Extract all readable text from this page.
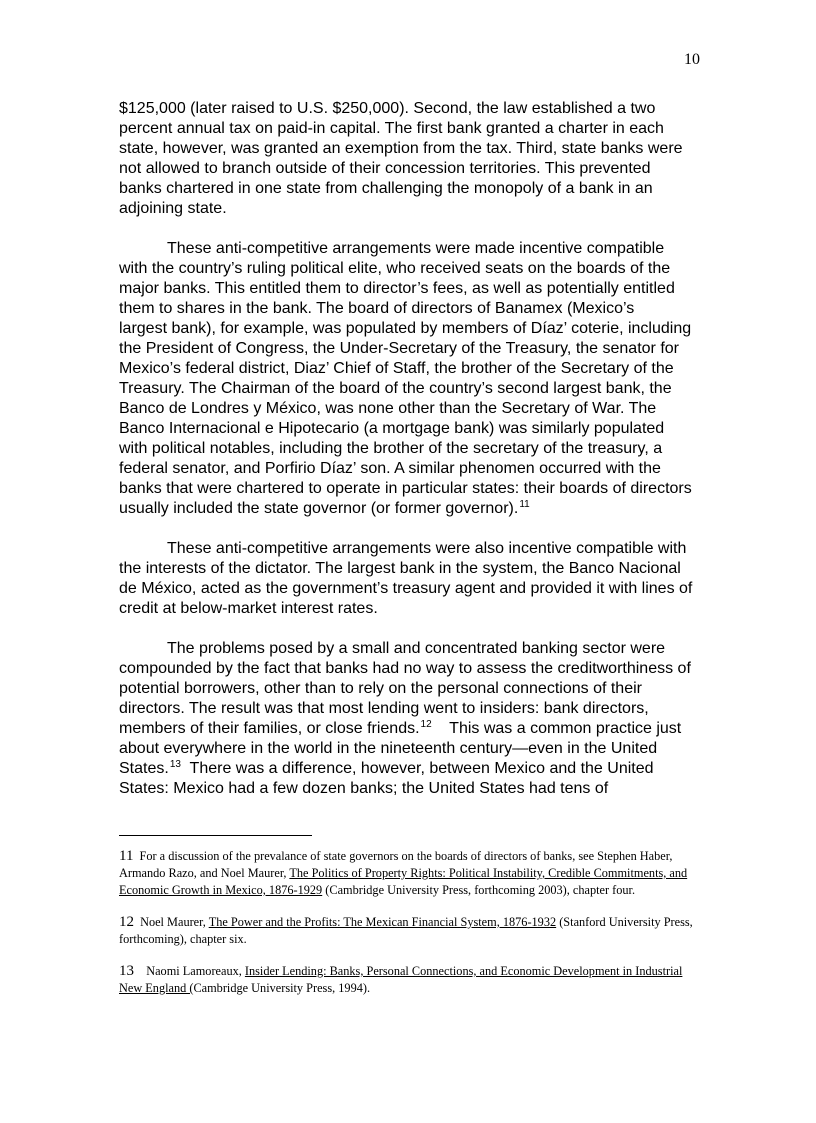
10

$125,000 (later raised to U.S. $250,000). Second, the law established a two
percent annual tax on paid-in capital. The first bank granted a charter in each
state, however, was granted an exemption from the tax. Third, state banks were
not allowed to branch outside of their concession territories. This prevented
banks chartered in one state from challenging the monopoly of a bank in an
adjoining state.

These anti-competitive arrangements were made incentive compatible
with the country’s ruling political elite, who received seats on the boards of the
major banks. This entitled them to director’s fees, as well as potentially entitled
them to shares in the bank. The board of directors of Banamex (Mexico’s
largest bank), for example, was populated by members of Díaz’ coterie, including
the President of Congress, the Under-Secretary of the Treasury, the senator for
Mexico’s federal district, Diaz’ Chief of Staff, the brother of the Secretary of the
Treasury. The Chairman of the board of the country’s second largest bank, the
Banco de Londres y México, was none other than the Secretary of War. The
Banco Internacional e Hipotecario (a mortgage bank) was similarly populated
with political notables, including the brother of the secretary of the treasury, a
federal senator, and Porfirio Díaz’ son. A similar phenomen occurred with the
banks that were chartered to operate in particular states: their boards of directors
usually included the state governor (or former governor).$^{11}$

These anti-competitive arrangements were also incentive compatible with
the interests of the dictator. The largest bank in the system, the Banco Nacional
de México, acted as the government’s treasury agent and provided it with lines of
credit at below-market interest rates.

The problems posed by a small and concentrated banking sector were
compounded by the fact that banks had no way to assess the creditworthiness of
potential borrowers, other than to rely on the personal connections of their
directors. The result was that most lending went to insiders: bank directors,
members of their families, or close friends.$^{12}$    This was a common practice just
about everywhere in the world in the nineteenth century—even in the United
States.$^{13}$  There was a difference, however, between Mexico and the United
States: Mexico had a few dozen banks; the United States had tens of

11 For a discussion of the prevalance of state governors on the boards of directors of banks, see Stephen Haber, Armando Razo, and Noel Maurer, The Politics of Property Rights: Political Instability, Credible Commitments, and Economic Growth in Mexico, 1876-1929 (Cambridge University Press, forthcoming 2003), chapter four.

12 Noel Maurer, The Power and the Profits: The Mexican Financial System, 1876-1932 (Stanford University Press, forthcoming), chapter six.

13   Naomi Lamoreaux, Insider Lending: Banks, Personal Connections, and Economic Development in Industrial New England (Cambridge University Press, 1994).
